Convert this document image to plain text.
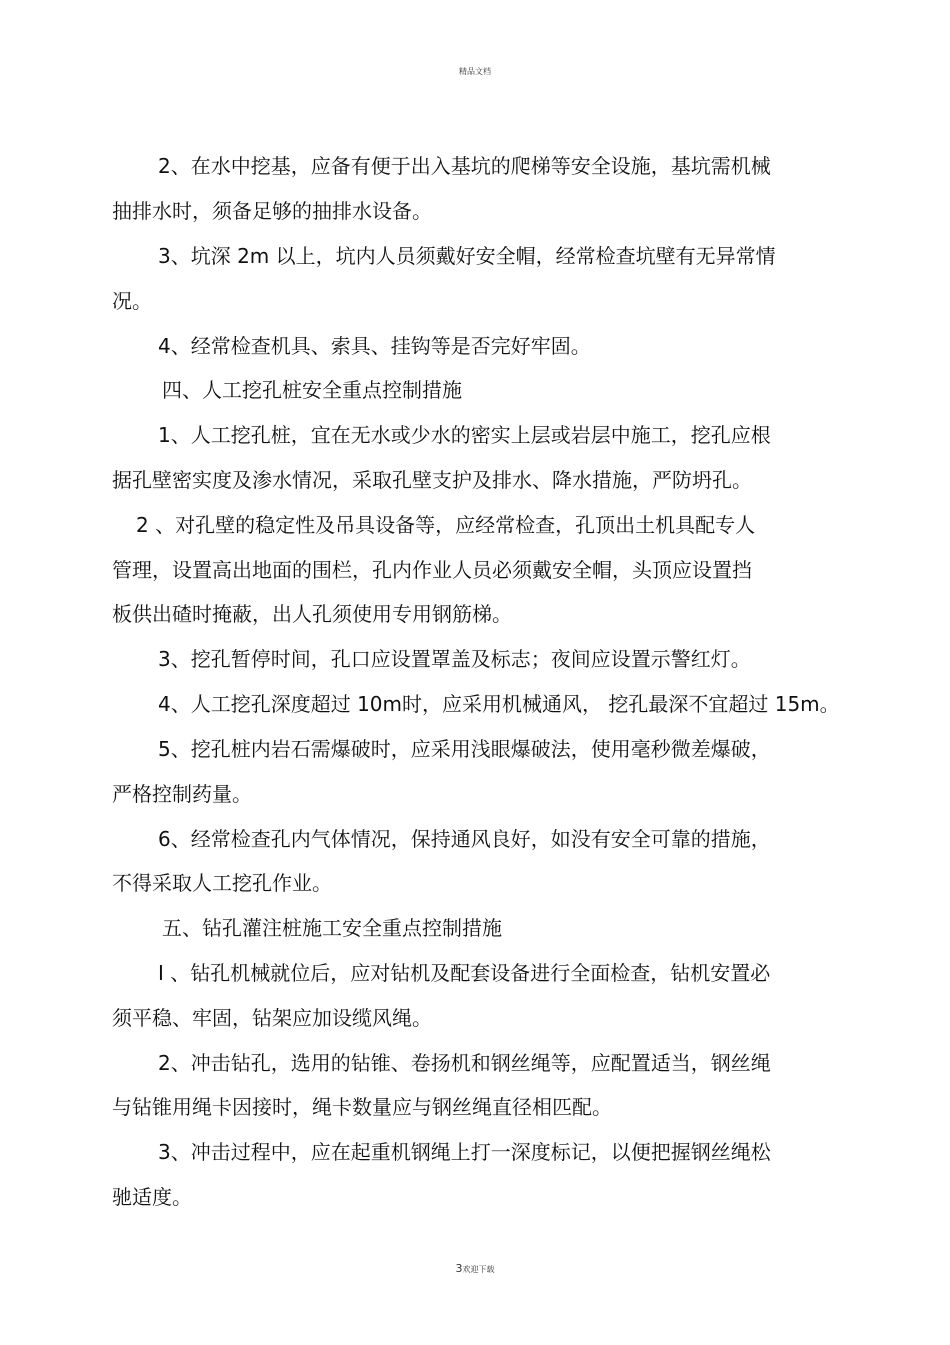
精品文档
2、在水中挖基，应备有便于出入基坑的爬梯等安全设施，基坑需机械
抽排水时，须备足够的抽排水设备。
3、坑深 2m 以上，坑内人员须戴好安全帽，经常检查坑壁有无异常情
况。
4、经常检查机具、索具、挂钩等是否完好牢固。
四、人工挖孔桩安全重点控制措施
1、人工挖孔桩，宜在无水或少水的密实上层或岩层中施工，挖孔应根
据孔壁密实度及渗水情况，采取孔壁支护及排水、降水措施，严防坍孔。
2 、对孔壁的稳定性及吊具设备等，应经常检查，孔顶出土机具配专人
管理，设置高出地面的围栏，孔内作业人员必须戴安全帽，头顶应设置挡
板供出碴时掩蔽，出人孔须使用专用钢筋梯。
3、挖孔暂停时间，孔口应设置罩盖及标志；夜间应设置示警红灯。
4、人工挖孔深度超过 10m时，应采用机械通风， 挖孔最深不宜超过 15m。
5、挖孔桩内岩石需爆破时，应采用浅眼爆破法，使用毫秒微差爆破，
严格控制药量。
6、经常检查孔内气体情况，保持通风良好，如没有安全可靠的措施，
不得采取人工挖孔作业。
五、钻孔灌注桩施工安全重点控制措施
I 、钻孔机械就位后，应对钻机及配套设备进行全面检查，钻机安置必
须平稳、牢固，钻架应加设缆风绳。
2、冲击钻孔，选用的钻锥、卷扬机和钢丝绳等，应配置适当，钢丝绳
与钻锥用绳卡因接时，绳卡数量应与钢丝绳直径相匹配。
3、冲击过程中，应在起重机钢绳上打一深度标记，以便把握钢丝绳松
驰适度。
3欢迎下载
